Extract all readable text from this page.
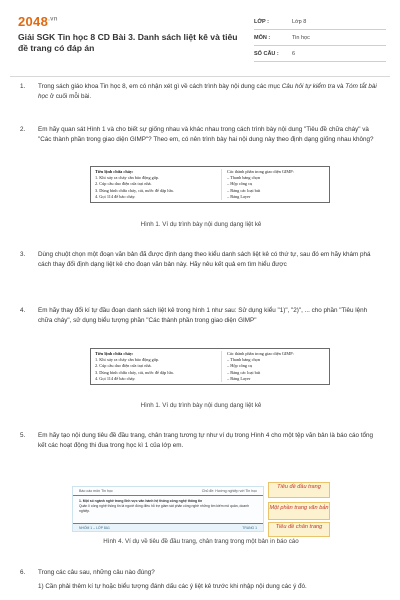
$2048^{.vn}$
Giải SGK Tin học 8 CD Bài 3. Danh sách liệt kê và tiêu đề trang có đáp án
LỚP :	Lớp 8
MÔN :	Tin học
SỐ CÂU :	6
1.	Trong sách giáo khoa Tin học 8, em có nhận xét gì về cách trình bày nội dung các mục Câu hỏi tự kiểm tra và Tóm tắt bài học ở cuối mỗi bài.
2.	Em hãy quan sát Hình 1 và cho biết sự giống nhau và khác nhau trong cách trình bày nội dung "Tiêu đề chữa cháy" và "Các thành phần trong giao diện GIMP"? Theo em, có nên trình bày hai nội dung này theo định dạng giống nhau không?
Tiêu lệnh chữa cháy:
1. Khi xảy ra cháy cần báo động gấp.
2. Cúp cầu dao điện cửa trại nhà.
3. Dùng bình chữa cháy, cát, nước để dập lửa.
4. Gọi 114 để báo cháy.
Các thành phần trong giao diện GIMP:
– Thanh bảng chọn
– Hộp công cụ
– Bảng các loại bút
– Bảng Layer
Hình 1. Ví dụ trình bày nội dung dạng liệt kê
3.	Dùng chuột chọn một đoạn văn bản đã được định dạng theo kiểu danh sách liệt kê có thứ tự, sau đó em hãy khám phá cách thay đổi định dạng liệt kê cho đoạn văn bản này. Hãy nêu kết quả em tìm hiểu được
4.	Em hãy thay đổi kí tự đầu đoạn danh sách liệt kê trong hình 1 như sau: Sử dụng kiểu "1)", "2)", ... cho phần "Tiêu lệnh chữa cháy", sử dụng biểu tượng phần "Các thành phần trong giao diện GIMP"
Tiêu lệnh chữa cháy:
1. Khi xảy ra cháy cần báo động gấp.
2. Cúp cầu dao điện cửa trại nhà.
3. Dùng bình chữa cháy, cát, nước để dập lửa.
4. Gọi 114 để báo cháy.
Các thành phần trong giao diện GIMP:
– Thanh bảng chọn
– Hộp công cụ
– Bảng các loại bút
– Bảng Layer
Hình 1. Ví dụ trình bày nội dung dạng liệt kê
5.	Em hãy tạo nội dung tiêu đề đầu trang, chân trang tương tự như ví dụ trong Hình 4 cho một tệp văn bản là báo cáo tổng kết các hoạt động thi đua trong học kì 1 của lớp em.
Báo cáo môn Tin học	Chủ đề: Hướng nghiệp với Tin học
1. Một số ngành nghề trong lĩnh vực văn hành hệ thống công nghệ thông tin
Quản lí công nghệ thông tin là người đóng điều hỗ trợ giám sát phân công nghề những tìm kiếm mô quản, doanh nghiệp.
NHÓM 1 – LỚP 8A1	TRANG 1
Tiêu đề đầu trang
Một phần trang văn bản
Tiêu đề chân trang
Hình 4. Ví dụ về tiêu đề đầu trang, chân trang trong một bản in báo cáo
6.	Trong các câu sau, những câu nào đúng?
1) Cần phải thêm kí tự hoặc biểu tượng đánh dấu các ý liệt kê trước khi nhập nội dung các ý đó.
